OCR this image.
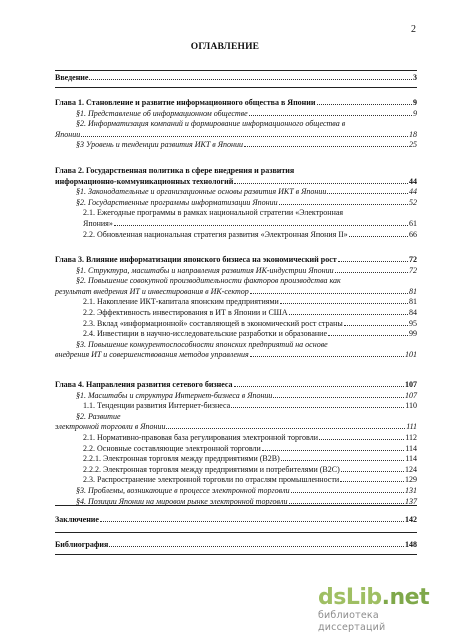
2
ОГЛАВЛЕНИЕ
Введение	3
Глава 1. Становление и развитие информационного общества в Японии	9
§1. Представление об информационном обществе	9
§2. Информатизация компаний и формирование информационного общества в
Японии	18
§3 Уровень и тенденции развития ИКТ в Японии	25
Глава 2. Государственная политика в сфере внедрения и развития
информационно-коммуникационных технологий	44
§1. Законодательные и организационные основы развития ИКТ в Японии	44
§2. Государственные программы информатизации Японии	52
2.1. Ежегодные программы в рамках национальной стратегии «Электронная
Япония»	61
2.2. Обновленная национальная стратегия развития «Электронная Япония II»	66
Глава 3. Влияние информатизации японского бизнеса на экономический рост	72
§1. Структура, масштабы и направления развития ИК-индустрии Японии	72
§2. Повышение совокупной производительности факторов производства как
результат внедрения ИТ и инвестирования в ИК-сектор	81
2.1. Накопление ИКТ-капитала японским предприятиями	81
2.2. Эффективность инвестирования в ИТ в Японии и США	84
2.3. Вклад «информационной» составляющей в экономический рост страны	95
2.4. Инвестиции в научно-исследовательские разработки и образование	99
§3. Повышение конкурентоспособности японских предприятий на основе
внедрения ИТ и совершенствования методов управления	101
Глава 4. Направления развития сетевого бизнеса	107
§1. Масштабы и структура Интернет-бизнеса в Японии	107
1.1. Тенденции развития Интернет-бизнеса	110
§2. Развитие
электронной торговли в Японии	111
2.1. Нормативно-правовая база регулирования электронной торговли	112
2.2. Основные составляющие электронной торговли	114
2.2.1. Электронная торговля между предприятиями (B2B)	114
2.2.2. Электронная торговля между предприятиями и потребителями (B2C)	124
2.3. Распространение электронной торговли по отраслям промышленности	129
§3. Проблемы, возникающие в процессе электронной торговли	131
§4. Позиции Японии на мировом рынке электронной торговли	137
Заключение	142
Библиография	148
dsLib.net
библиотека диссертаций
